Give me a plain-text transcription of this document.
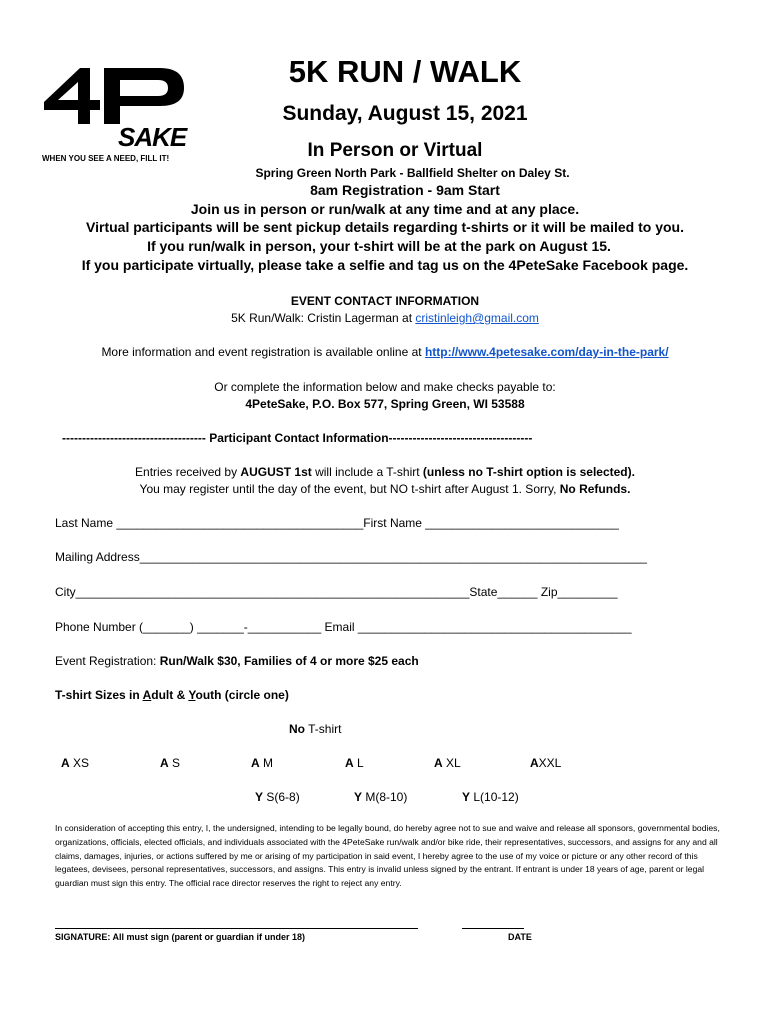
SAKE
WHEN YOU SEE A NEED, FILL IT!
5K RUN / WALK
Sunday, August 15, 2021
In Person or Virtual
Spring Green North Park - Ballfield Shelter on Daley St.
8am Registration - 9am Start
Join us in person or run/walk at any time and at any place.
Virtual participants will be sent pickup details regarding t-shirts or it will be mailed to you.
If you run/walk in person, your t-shirt will be at the park on August 15.
If you participate virtually, please take a selfie and tag us on the 4PeteSake Facebook page.
EVENT CONTACT INFORMATION
5K Run/Walk: Cristin Lagerman at cristinleigh@gmail.com
More information and event registration is available online at http://www.4petesake.com/day-in-the-park/
Or complete the information below and make checks payable to:
4PeteSake, P.O. Box 577, Spring Green, WI 53588
------------------------------------ Participant Contact Information------------------------------------
Entries received by AUGUST 1st will include a T-shirt (unless no T-shirt option is selected).
You may register until the day of the event, but NO t-shirt after August 1. Sorry, No Refunds.
Last Name _____________________________________First Name _____________________________
Mailing Address____________________________________________________________________________
City___________________________________________________________State______ Zip_________
Phone Number (_______) _______-___________ Email _________________________________________
Event Registration: Run/Walk $30, Families of 4 or more $25 each
T-shirt Sizes in Adult & Youth (circle one)
No T-shirt
A XS	A S	A M	A L	A XL	AXXL
Y S(6-8)	Y M(8-10)	Y L(10-12)
In consideration of accepting this entry, I, the undersigned, intending to be legally bound, do hereby agree not to sue and waive and release all sponsors, governmental bodies, organizations, officials, elected officials, and individuals associated with the 4PeteSake run/walk and/or bike ride, their representatives, successors, and assigns for any and all claims, damages, injuries, or actions suffered by me or arising of my participation in said event, I hereby agree to the use of my voice or picture or any other record of this legatees, devisees, personal representatives, successors, and assigns. This entry is invalid unless signed by the entrant. If entrant is under 18 years of age, parent or legal guardian must sign this entry. The official race director reserves the right to reject any entry.
SIGNATURE: All must sign (parent or guardian if under 18)	DATE
